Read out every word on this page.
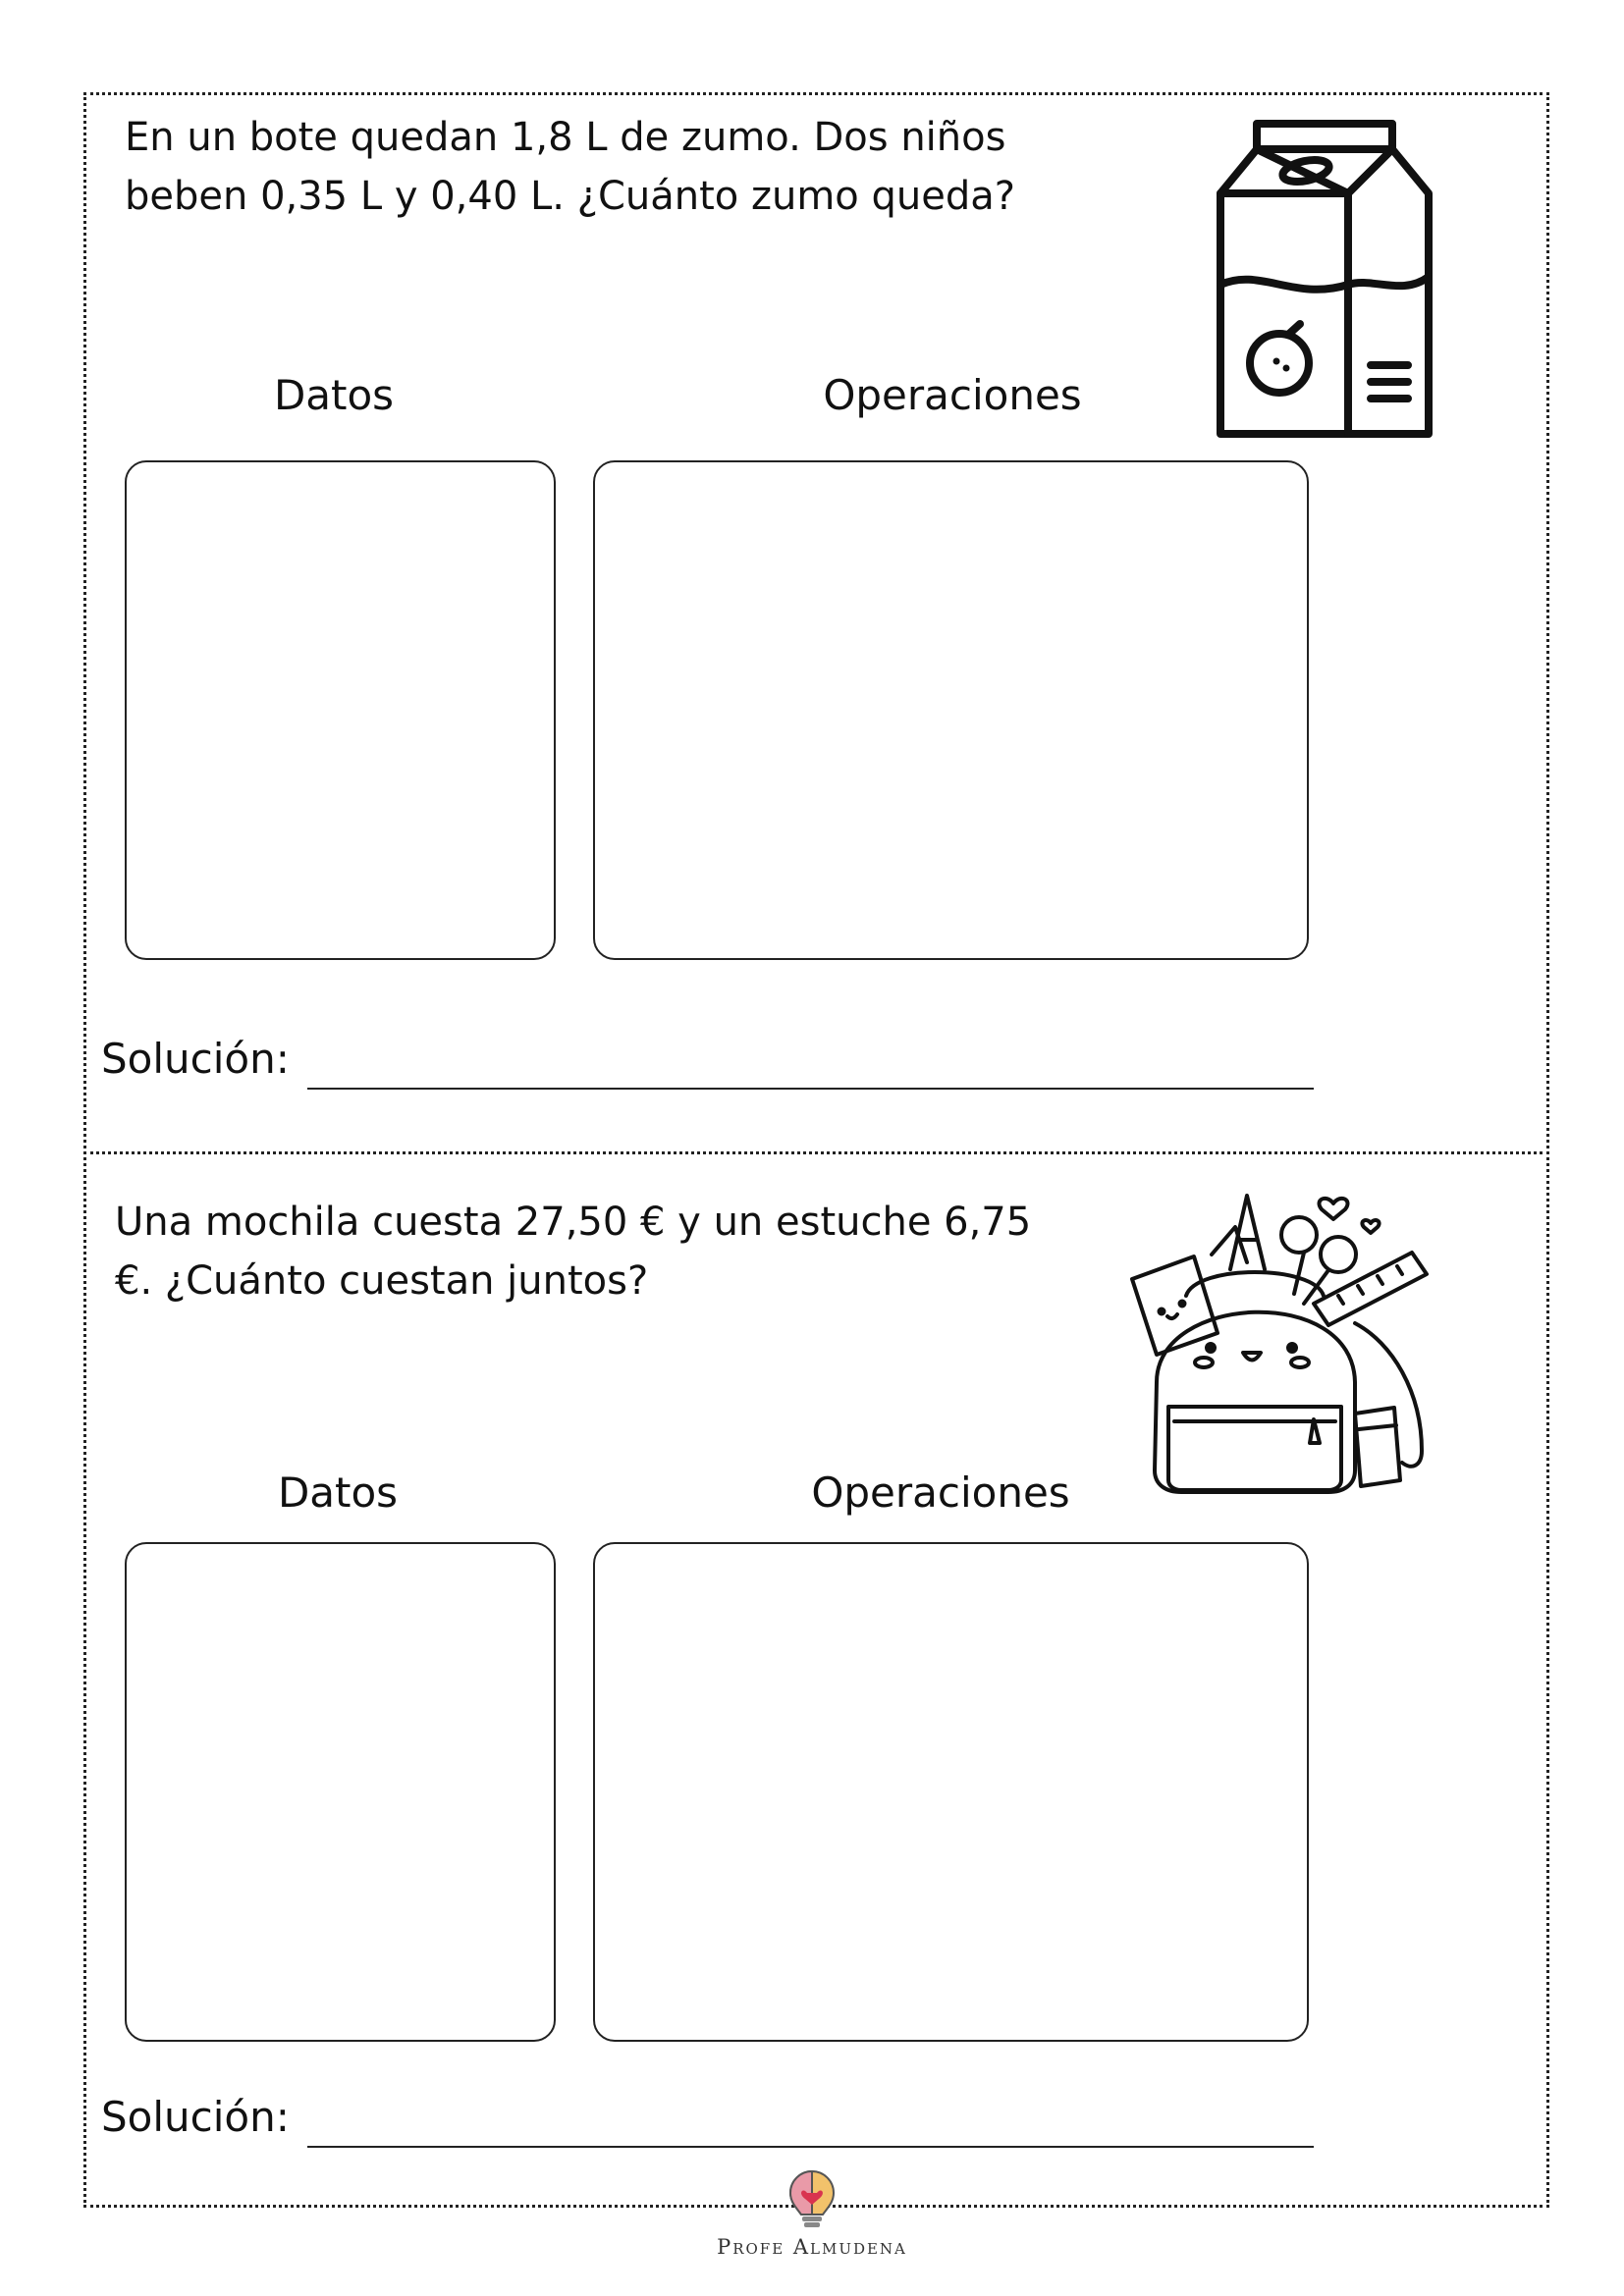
En un bote quedan 1,8 L de zumo. Dos niños
beben 0,35 L y 0,40 L. ¿Cuánto zumo queda?

Datos	Operaciones
Solución:

Una mochila cuesta 27,50 € y un estuche 6,75
€. ¿Cuánto cuestan juntos?

Datos	Operaciones
Solución:
Profe Almudena
